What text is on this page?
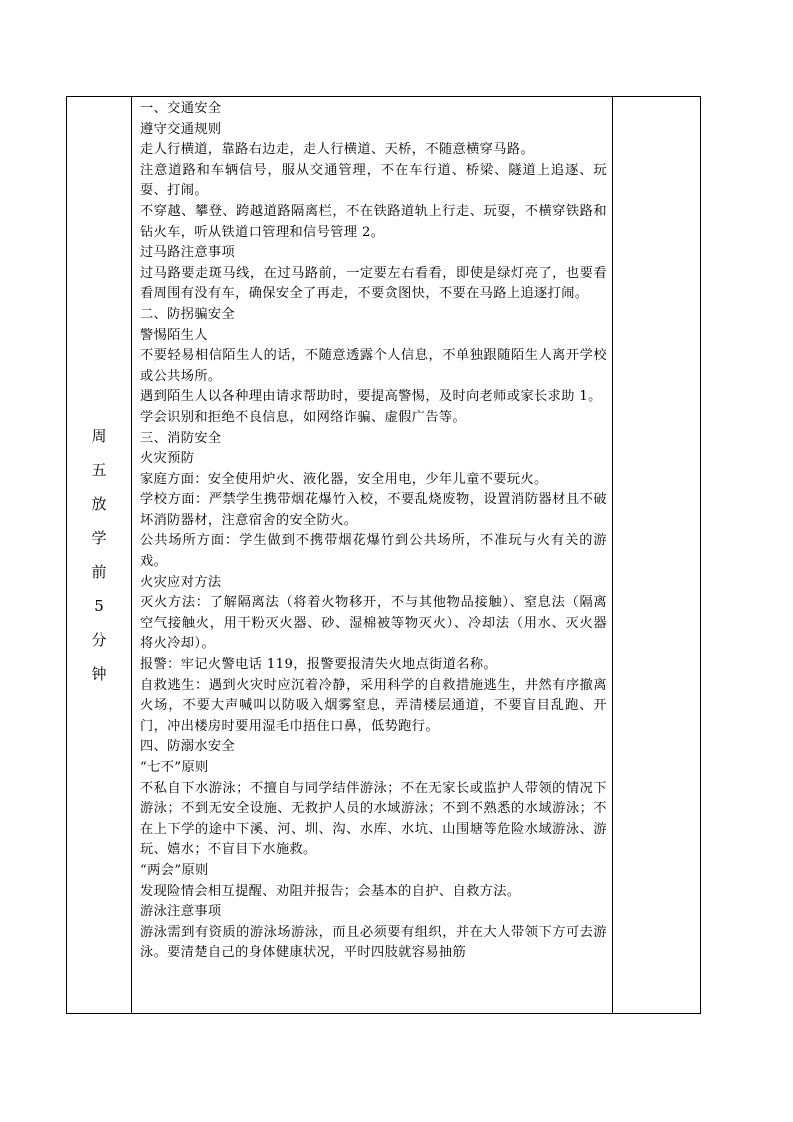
周
五
放
学
前
5
分
钟

一、交通安全

遵守交通规则

走人行横道，靠路右边走，走人行横道、天桥，不随意横穿马路。

注意道路和车辆信号，服从交通管理，不在车行道、桥梁、隧道上追逐、玩耍、打闹。

不穿越、攀登、跨越道路隔离栏，不在铁路道轨上行走、玩耍，不横穿铁路和钻火车，听从铁道口管理和信号管理 2。

过马路注意事项

过马路要走斑马线，在过马路前，一定要左右看看，即使是绿灯亮了，也要看看周围有没有车，确保安全了再走，不要贪图快，不要在马路上追逐打闹。

二、防拐骗安全

警惕陌生人

不要轻易相信陌生人的话，不随意透露个人信息，不单独跟随陌生人离开学校或公共场所。

遇到陌生人以各种理由请求帮助时，要提高警惕，及时向老师或家长求助 1。

学会识别和拒绝不良信息，如网络诈骗、虚假广告等。

三、消防安全

火灾预防

家庭方面：安全使用炉火、液化器，安全用电，少年儿童不要玩火。

学校方面：严禁学生携带烟花爆竹入校，不要乱烧废物，设置消防器材且不破坏消防器材，注意宿舍的安全防火。

公共场所方面：学生做到不携带烟花爆竹到公共场所，不准玩与火有关的游戏。

火灾应对方法

灭火方法：了解隔离法（将着火物移开，不与其他物品接触）、窒息法（隔离空气接触火，用干粉灭火器、砂、湿棉被等物灭火）、冷却法（用水、灭火器将火冷却）。

报警：牢记火警电话 119，报警要报清失火地点街道名称。

自救逃生：遇到火灾时应沉着冷静，采用科学的自救措施逃生，井然有序撤离火场，不要大声喊叫以防吸入烟雾窒息，弄清楼层通道，不要盲目乱跑、开门，冲出楼房时要用湿毛巾捂住口鼻，低势跑行。

四、防溺水安全

“七不”原则

不私自下水游泳；不擅自与同学结伴游泳；不在无家长或监护人带领的情况下游泳；不到无安全设施、无救护人员的水域游泳；不到不熟悉的水域游泳；不在上下学的途中下溪、河、圳、沟、水库、水坑、山围塘等危险水域游泳、游玩、嬉水；不盲目下水施救。

“两会”原则

发现险情会相互提醒、劝阻并报告；会基本的自护、自救方法。

游泳注意事项

游泳需到有资质的游泳场游泳，而且必须要有组织，并在大人带领下方可去游泳。要清楚自己的身体健康状况，平时四肢就容易抽筋
